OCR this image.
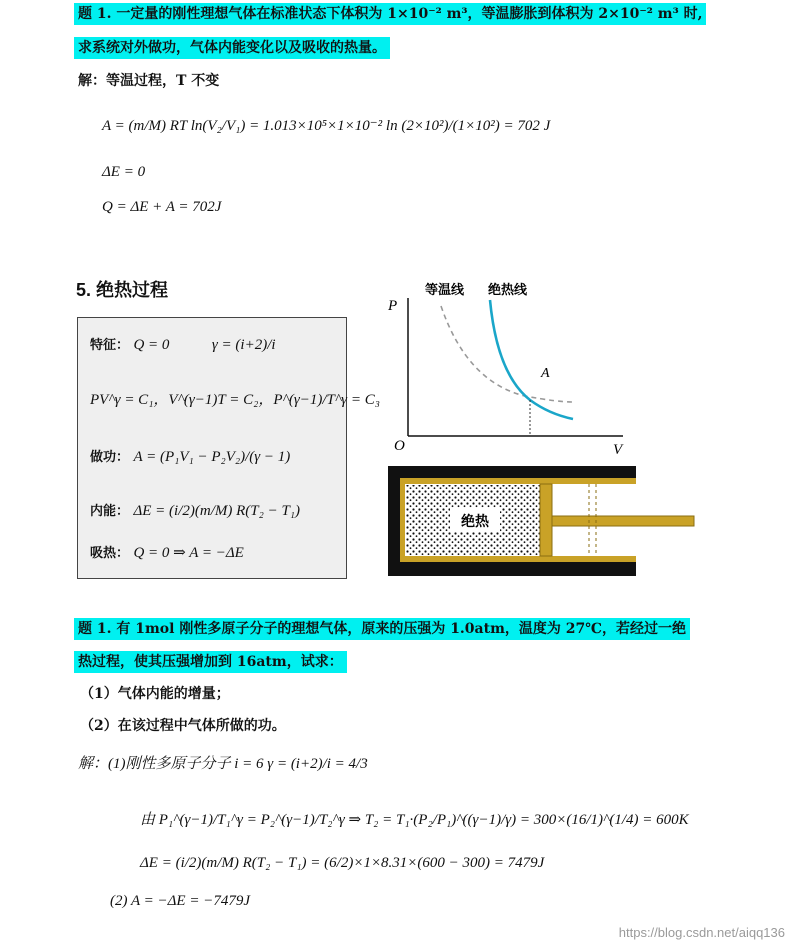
题 1. 一定量的刚性理想气体在标准状态下体积为 1×10⁻² m³，等温膨胀到体积为 2×10⁻² m³ 时,
求系统对外做功，气体内能变化以及吸收的热量。
解：等温过程，T 不变
A = (m/M) RT ln(V₂/V₁) = 1.013×10⁵×1×10⁻² ln (2×10²)/(1×10²) = 702 J
ΔE = 0
Q = ΔE + A = 702J
5. 绝热过程
特征： Q = 0	γ = (i+2)/i
PV^γ = C₁，V^(γ−1)T = C₂，P^(γ−1)/T^γ = C₃
做功： A = (P₁V₁ − P₂V₂)/(γ − 1)
内能： ΔE = (i/2)(m/M) R(T₂ − T₁)
吸热： Q = 0 ⇒ A = −ΔE
P
V
O
A
等温线 绝热线
绝热
题 1. 有 1mol 刚性多原子分子的理想气体，原来的压强为 1.0atm，温度为 27℃，若经过一绝
热过程，使其压强增加到 16atm，试求：
（1）气体内能的增量；
（2）在该过程中气体所做的功。
解：(1)刚性多原子分子 i = 6 γ = (i+2)/i = 4/3
由 P₁^(γ−1)/T₁^γ = P₂^(γ−1)/T₂^γ ⇒ T₂ = T₁·(P₂/P₁)^((γ−1)/γ) = 300×(16/1)^(1/4) = 600K
ΔE = (i/2)(m/M) R(T₂ − T₁) = (6/2)×1×8.31×(600 − 300) = 7479J
(2) A = −ΔE = −7479J
https://blog.csdn.net/aiqq136
